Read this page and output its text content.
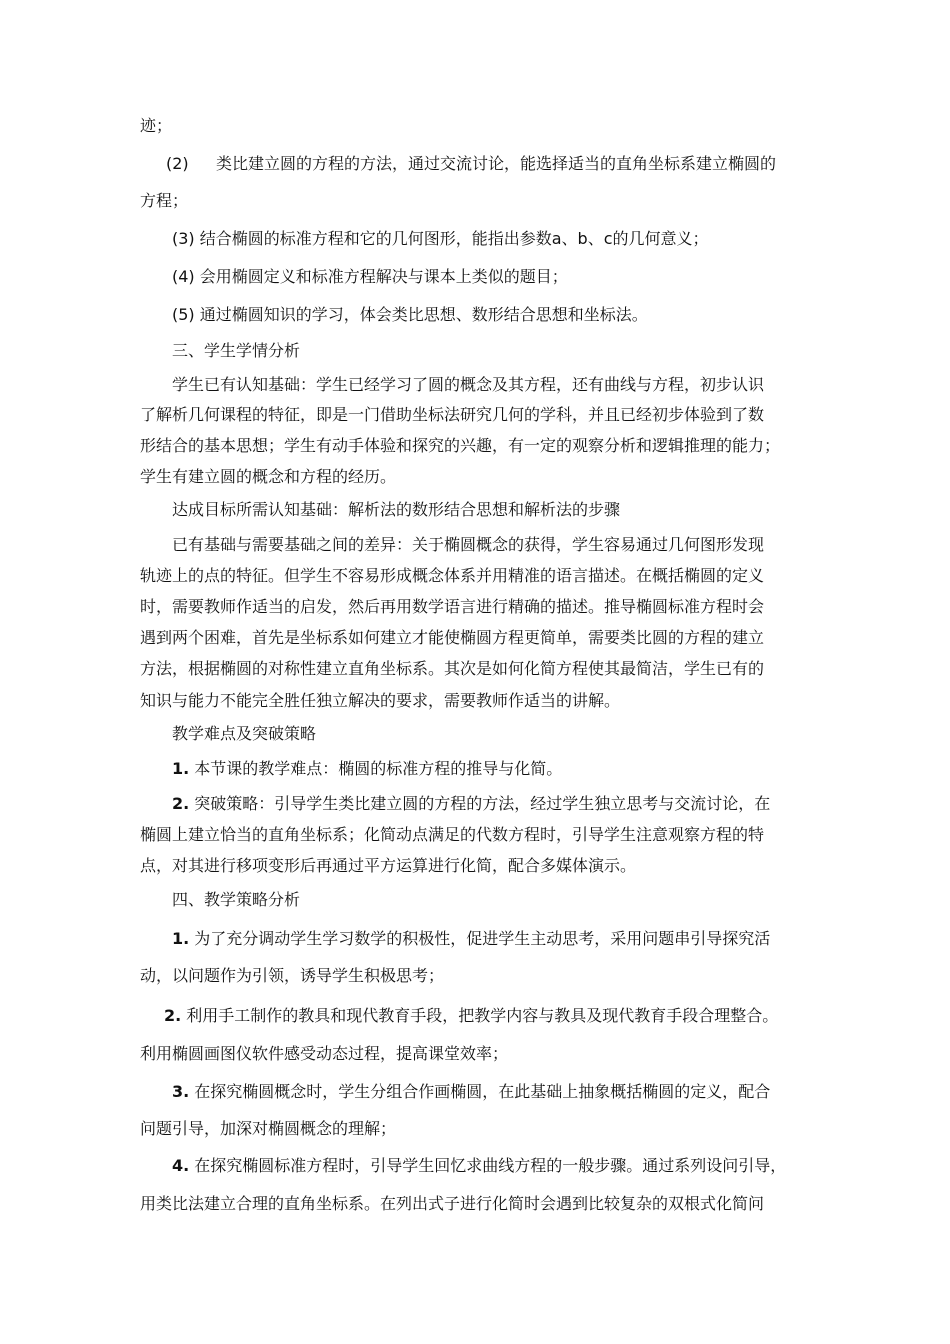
迹；
(2) 类比建立圆的方程的方法，通过交流讨论，能选择适当的直角坐标系建立椭圆的
方程；
(3) 结合椭圆的标准方程和它的几何图形，能指出参数a、b、c的几何意义；
(4) 会用椭圆定义和标准方程解决与课本上类似的题目；
(5) 通过椭圆知识的学习，体会类比思想、数形结合思想和坐标法。
三、学生学情分析
学生已有认知基础：学生已经学习了圆的概念及其方程，还有曲线与方程，初步认识
了解析几何课程的特征，即是一门借助坐标法研究几何的学科，并且已经初步体验到了数
形结合的基本思想；学生有动手体验和探究的兴趣，有一定的观察分析和逻辑推理的能力；
学生有建立圆的概念和方程的经历。
达成目标所需认知基础：解析法的数形结合思想和解析法的步骤
已有基础与需要基础之间的差异：关于椭圆概念的获得，学生容易通过几何图形发现
轨迹上的点的特征。但学生不容易形成概念体系并用精准的语言描述。在概括椭圆的定义
时，需要教师作适当的启发，然后再用数学语言进行精确的描述。推导椭圆标准方程时会
遇到两个困难，首先是坐标系如何建立才能使椭圆方程更简单，需要类比圆的方程的建立
方法，根据椭圆的对称性建立直角坐标系。其次是如何化简方程使其最简洁，学生已有的
知识与能力不能完全胜任独立解决的要求，需要教师作适当的讲解。
教学难点及突破策略
1. 本节课的教学难点：椭圆的标准方程的推导与化简。
2. 突破策略：引导学生类比建立圆的方程的方法，经过学生独立思考与交流讨论，在
椭圆上建立恰当的直角坐标系；化简动点满足的代数方程时，引导学生注意观察方程的特
点，对其进行移项变形后再通过平方运算进行化简，配合多媒体演示。
四、教学策略分析
1. 为了充分调动学生学习数学的积极性，促进学生主动思考，采用问题串引导探究活
动，以问题作为引领，诱导学生积极思考；
2. 利用手工制作的教具和现代教育手段，把教学内容与教具及现代教育手段合理整合。
利用椭圆画图仪软件感受动态过程，提高课堂效率；
3. 在探究椭圆概念时，学生分组合作画椭圆，在此基础上抽象概括椭圆的定义，配合
问题引导，加深对椭圆概念的理解；
4. 在探究椭圆标准方程时，引导学生回忆求曲线方程的一般步骤。通过系列设问引导，
用类比法建立合理的直角坐标系。在列出式子进行化简时会遇到比较复杂的双根式化简问
